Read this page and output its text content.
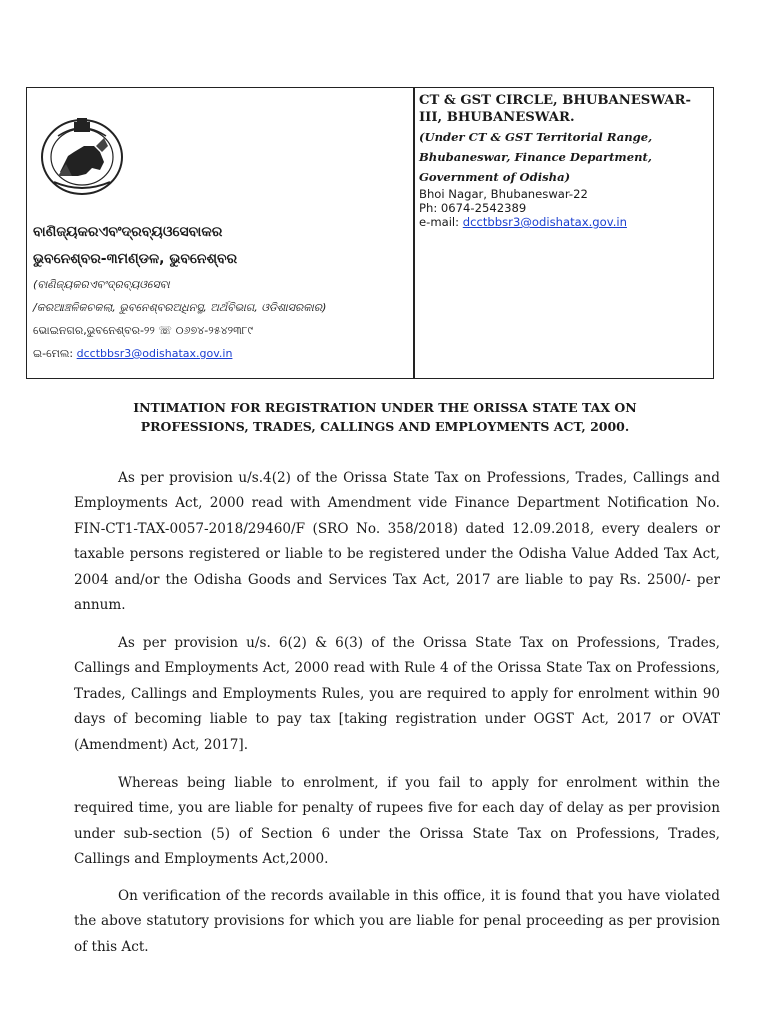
ବାଣିଜ୍ୟକରଏବଂଦ୍ରବ୍ୟଓସେବାକର
ଭୁବନେଶ୍ବର-୩ମଣ୍ଡଳ, ଭୁବନେଶ୍ବର
(ବାଣିଜ୍ୟକରଏବଂଦ୍ରବ୍ୟଓସେବା
/କରଆଞ୍ଚଳିକଚକଲା, ଭୁବନେଶ୍ବରଅଧିନସ୍ଥ, ଅର୍ଥବିଭାଗ, ଓଡିଶାସରକାର)
ଭୋଇନଗର,ଭୁବନେଶ୍ବର-୨୨ ☏ ୦୬୭୪-୨୫୪୨୩୮୯
ଇ-ମେଲ: dcctbbsr3@odishatax.gov.in

CT & GST CIRCLE, BHUBANESWAR-III, BHUBANESWAR.

(Under CT & GST Territorial Range, Bhubaneswar, Finance Department, Government of Odisha)

Bhoi Nagar, Bhubaneswar-22

Ph: 0674-2542389

e-mail: dcctbbsr3@odishatax.gov.in

INTIMATION FOR REGISTRATION UNDER THE ORISSA STATE TAX ON PROFESSIONS, TRADES, CALLINGS AND EMPLOYMENTS ACT, 2000.

As per provision u/s.4(2) of the Orissa State Tax on Professions, Trades, Callings and Employments Act, 2000 read with Amendment vide Finance Department Notification No. FIN-CT1-TAX-0057-2018/29460/F (SRO No. 358/2018) dated 12.09.2018, every dealers or taxable persons registered or liable to be registered under the Odisha Value Added Tax Act, 2004 and/or the Odisha Goods and Services Tax Act, 2017 are liable to pay Rs. 2500/- per annum.

As per provision u/s. 6(2) & 6(3) of the Orissa State Tax on Professions, Trades, Callings and Employments Act, 2000 read with Rule 4 of the Orissa State Tax on Professions, Trades, Callings and Employments Rules, you are required to apply for enrolment within 90 days of becoming liable to pay tax [taking registration under OGST Act, 2017 or OVAT (Amendment) Act, 2017].

Whereas being liable to enrolment, if you fail to apply for enrolment within the required time, you are liable for penalty of rupees five for each day of delay as per provision under sub-section (5) of Section 6 under the Orissa State Tax on Professions, Trades, Callings and Employments Act,2000.

On verification of the records available in this office, it is found that you have violated the above statutory provisions for which you are liable for penal proceeding as per provision of this Act.
